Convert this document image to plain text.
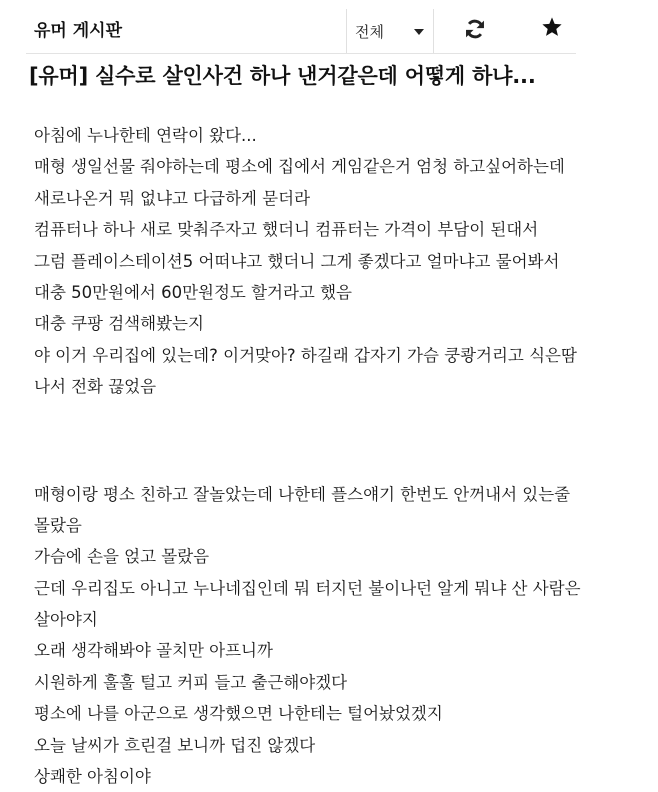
유머 게시판	전체
[유머] 실수로 살인사건 하나 낸거같은데 어떻게 하냐...
아침에 누나한테 연락이 왔다...
매형 생일선물 줘야하는데 평소에 집에서 게임같은거 엄청 하고싶어하는데
새로나온거 뭐 없냐고 다급하게 묻더라
컴퓨터나 하나 새로 맞춰주자고 했더니 컴퓨터는 가격이 부담이 된대서
그럼 플레이스테이션5 어떠냐고 했더니 그게 좋겠다고 얼마냐고 물어봐서
대충 50만원에서 60만원정도 할거라고 했음
대충 쿠팡 검색해봤는지
야 이거 우리집에 있는데? 이거맞아? 하길래 갑자기 가슴 쿵쾅거리고 식은땀
나서 전화 끊었음
매형이랑 평소 친하고 잘놀았는데 나한테 플스얘기 한번도 안꺼내서 있는줄
몰랐음
가슴에 손을 얹고 몰랐음
근데 우리집도 아니고 누나네집인데 뭐 터지던 불이나던 알게 뭐냐 산 사람은
살아야지
오래 생각해봐야 골치만 아프니까
시원하게 훌훌 털고 커피 들고 출근해야겠다
평소에 나를 아군으로 생각했으면 나한테는 털어놨었겠지
오늘 날씨가 흐린걸 보니까 덥진 않겠다
상쾌한 아침이야
